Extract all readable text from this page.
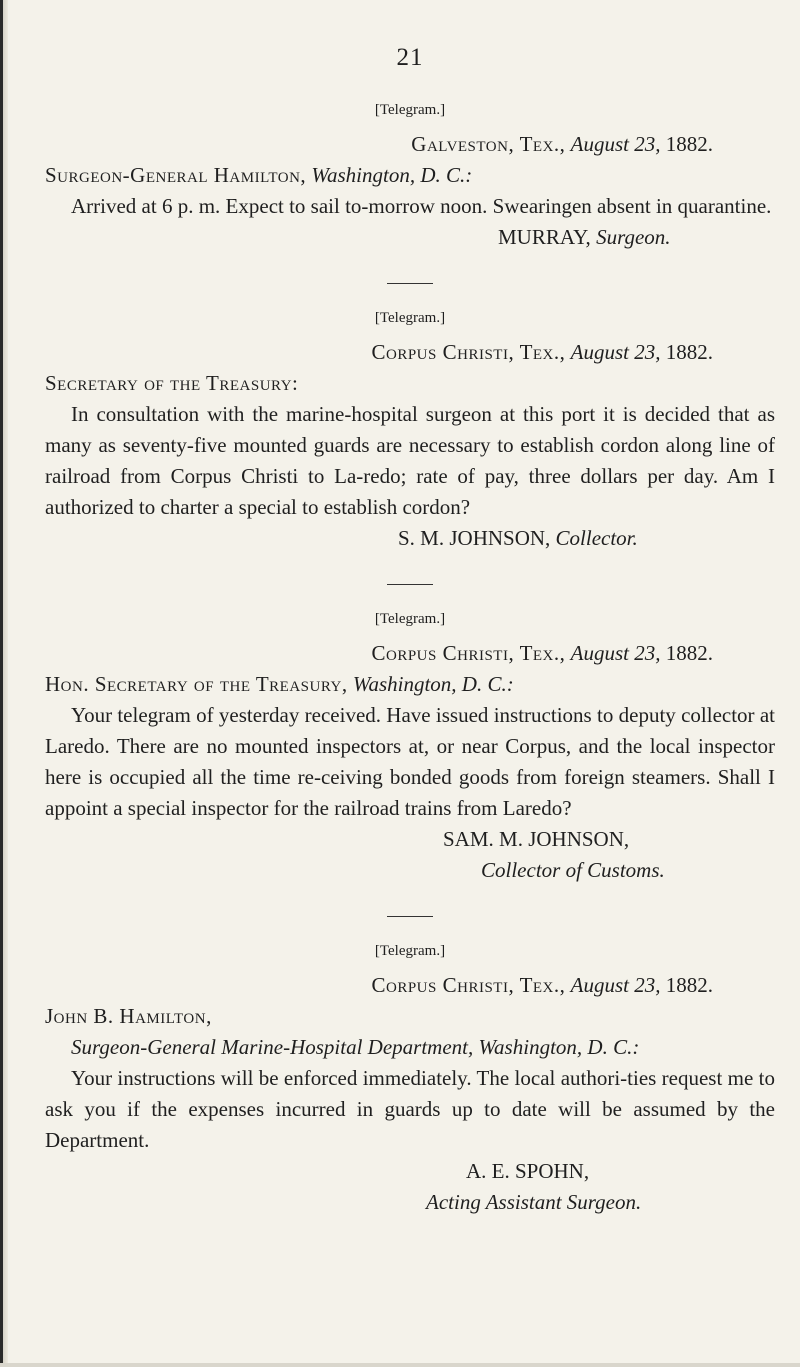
21

[Telegram.]

Galveston, Tex., August 23, 1882.

Surgeon-General Hamilton, Washington, D. C.:

Arrived at 6 p. m. Expect to sail to-morrow noon. Swearingen absent in quarantine.

MURRAY, Surgeon.

[Telegram.]

Corpus Christi, Tex., August 23, 1882.

Secretary of the Treasury:

In consultation with the marine-hospital surgeon at this port it is decided that as many as seventy-five mounted guards are necessary to establish cordon along line of railroad from Corpus Christi to La-redo; rate of pay, three dollars per day. Am I authorized to charter a special to establish cordon?

S. M. JOHNSON, Collector.

[Telegram.]

Corpus Christi, Tex., August 23, 1882.

Hon. Secretary of the Treasury, Washington, D. C.:

Your telegram of yesterday received. Have issued instructions to deputy collector at Laredo. There are no mounted inspectors at, or near Corpus, and the local inspector here is occupied all the time re-ceiving bonded goods from foreign steamers. Shall I appoint a special inspector for the railroad trains from Laredo?

SAM. M. JOHNSON,
Collector of Customs.

[Telegram.]

Corpus Christi, Tex., August 23, 1882.

John B. Hamilton,

Surgeon-General Marine-Hospital Department, Washington, D. C.:

Your instructions will be enforced immediately. The local authori-ties request me to ask you if the expenses incurred in guards up to date will be assumed by the Department.

A. E. SPOHN,
Acting Assistant Surgeon.
